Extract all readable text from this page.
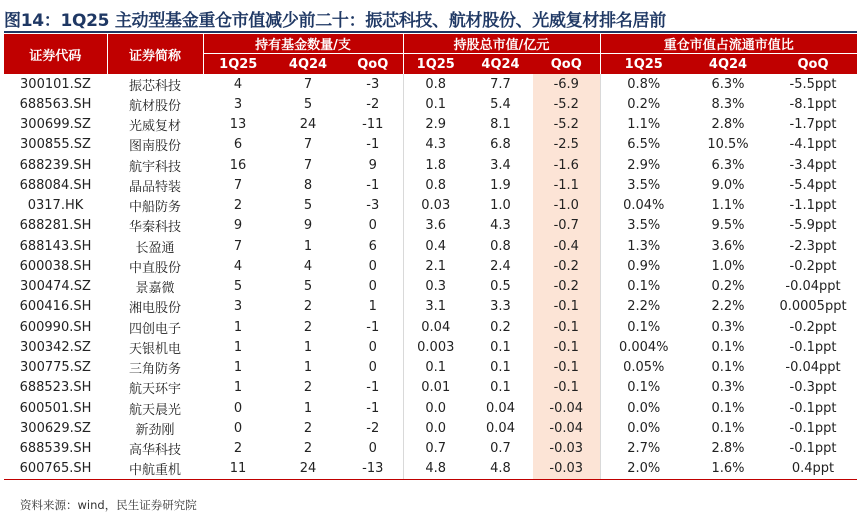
图14：1Q25 主动型基金重仓市值减少前二十：振芯科技、航材股份、光威复材排名居前
证券代码	证券简称	持有基金数量/支			持股总市值/亿元			重仓市值占流通市值比		
		1Q25	4Q24	QoQ	1Q25	4Q24	QoQ	1Q25	4Q24	QoQ
300101.SZ	振芯科技	4	7	-3	0.8	7.7	-6.9	0.8%	6.3%	-5.5ppt
688563.SH	航材股份	3	5	-2	0.1	5.4	-5.2	0.2%	8.3%	-8.1ppt
300699.SZ	光威复材	13	24	-11	2.9	8.1	-5.2	1.1%	2.8%	-1.7ppt
300855.SZ	图南股份	6	7	-1	4.3	6.8	-2.5	6.5%	10.5%	-4.1ppt
688239.SH	航宇科技	16	7	9	1.8	3.4	-1.6	2.9%	6.3%	-3.4ppt
688084.SH	晶品特装	7	8	-1	0.8	1.9	-1.1	3.5%	9.0%	-5.4ppt
0317.HK	中船防务	2	5	-3	0.03	1.0	-1.0	0.04%	1.1%	-1.1ppt
688281.SH	华秦科技	9	9	0	3.6	4.3	-0.7	3.5%	9.5%	-5.9ppt
688143.SH	长盈通	7	1	6	0.4	0.8	-0.4	1.3%	3.6%	-2.3ppt
600038.SH	中直股份	4	4	0	2.1	2.4	-0.2	0.9%	1.0%	-0.2ppt
300474.SZ	景嘉微	5	5	0	0.3	0.5	-0.2	0.1%	0.2%	-0.04ppt
600416.SH	湘电股份	3	2	1	3.1	3.3	-0.1	2.2%	2.2%	0.0005ppt
600990.SH	四创电子	1	2	-1	0.04	0.2	-0.1	0.1%	0.3%	-0.2ppt
300342.SZ	天银机电	1	1	0	0.003	0.1	-0.1	0.004%	0.1%	-0.1ppt
300775.SZ	三角防务	1	1	0	0.1	0.1	-0.1	0.05%	0.1%	-0.04ppt
688523.SH	航天环宇	1	2	-1	0.01	0.1	-0.1	0.1%	0.3%	-0.3ppt
600501.SH	航天晨光	0	1	-1	0.0	0.04	-0.04	0.0%	0.1%	-0.1ppt
300629.SZ	新劲刚	0	2	-2	0.0	0.04	-0.04	0.0%	0.1%	-0.1ppt
688539.SH	高华科技	2	2	0	0.7	0.7	-0.03	2.7%	2.8%	-0.1ppt
600765.SH	中航重机	11	24	-13	4.8	4.8	-0.03	2.0%	1.6%	0.4ppt
资料来源：wind，民生证券研究院
